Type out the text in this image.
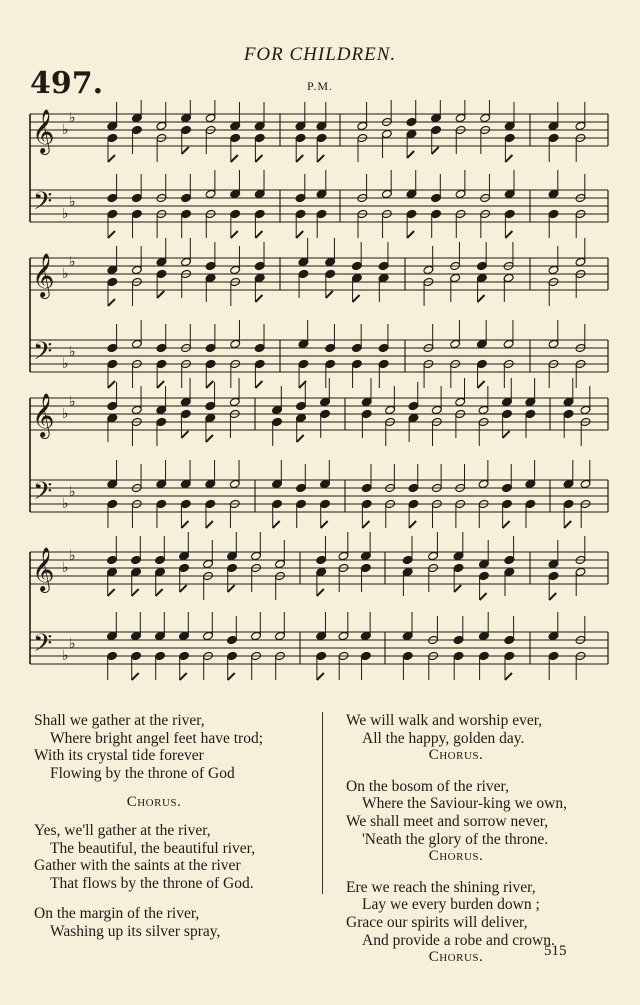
FOR CHILDREN.
497.	P.M.
𝄞
𝄢
♭
♭
♭
♭
𝄞
𝄢
♭
♭
♭
♭
𝄞
𝄢
♭
♭
♭
♭
𝄞
𝄢
♭
♭
♭
♭
Shall we gather at the river,
Where bright angel feet have trod;
With its crystal tide forever
Flowing by the throne of God
Chorus.
Yes, we'll gather at the river,
The beautiful, the beautiful river,
Gather with the saints at the river
That flows by the throne of God.
On the margin of the river,
Washing up its silver spray,
We will walk and worship ever,
All the happy, golden day.
Chorus.
On the bosom of the river,
Where the Saviour-king we own,
We shall meet and sorrow never,
'Neath the glory of the throne.
Chorus.
Ere we reach the shining river,
Lay we every burden down ;
Grace our spirits will deliver,
And provide a robe and crown.
Chorus.	515
